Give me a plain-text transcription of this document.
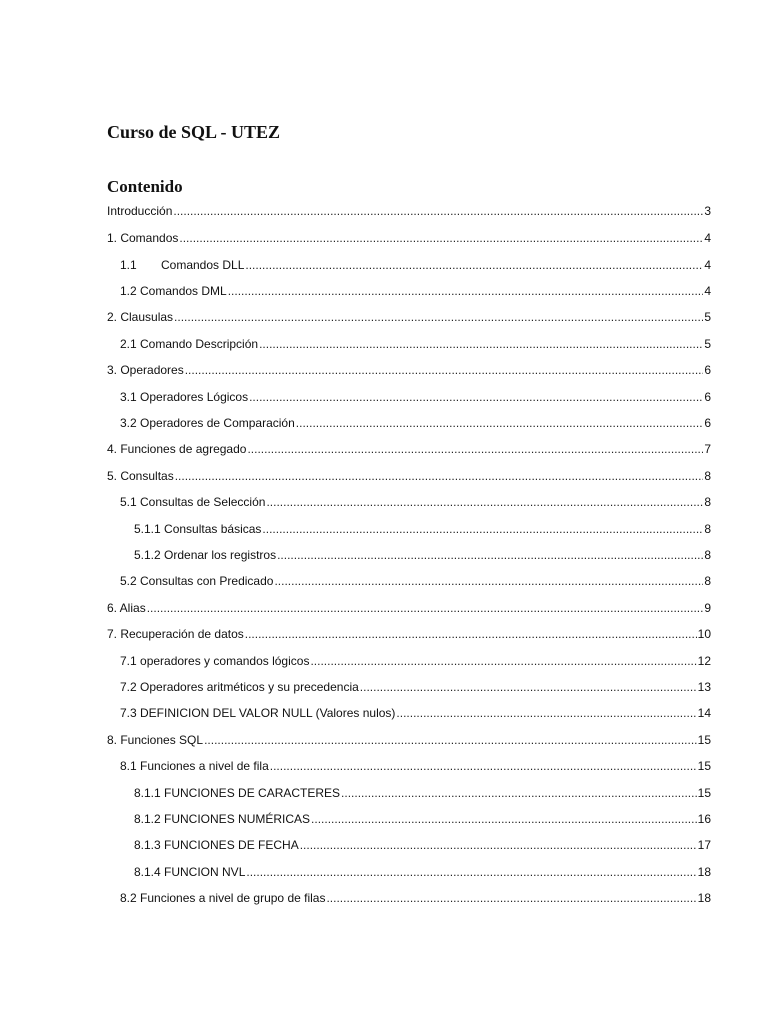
Curso de SQL - UTEZ
Contenido
Introducción .....	3
1. Comandos .....	4
1.1 Comandos DLL .....	4
1.2 Comandos DML .....	4
2. Clausulas .....	5
2.1 Comando Descripción .....	5
3. Operadores .....	6
3.1 Operadores Lógicos .....	6
3.2 Operadores de Comparación .....	6
4. Funciones de agregado .....	7
5. Consultas .....	8
5.1 Consultas de Selección .....	8
5.1.1 Consultas básicas .....	8
5.1.2 Ordenar los registros .....	8
5.2 Consultas con Predicado .....	8
6. Alias .....	9
7. Recuperación de datos .....	10
7.1 operadores y comandos lógicos .....	12
7.2 Operadores aritméticos y su precedencia .....	13
7.3 DEFINICION DEL VALOR NULL (Valores nulos) .....	14
8. Funciones SQL .....	15
8.1 Funciones a nivel de fila .....	15
8.1.1 FUNCIONES DE CARACTERES .....	15
8.1.2 FUNCIONES NUMÉRICAS .....	16
8.1.3 FUNCIONES DE FECHA .....	17
8.1.4 FUNCION NVL .....	18
8.2 Funciones a nivel de grupo de filas .....	18
